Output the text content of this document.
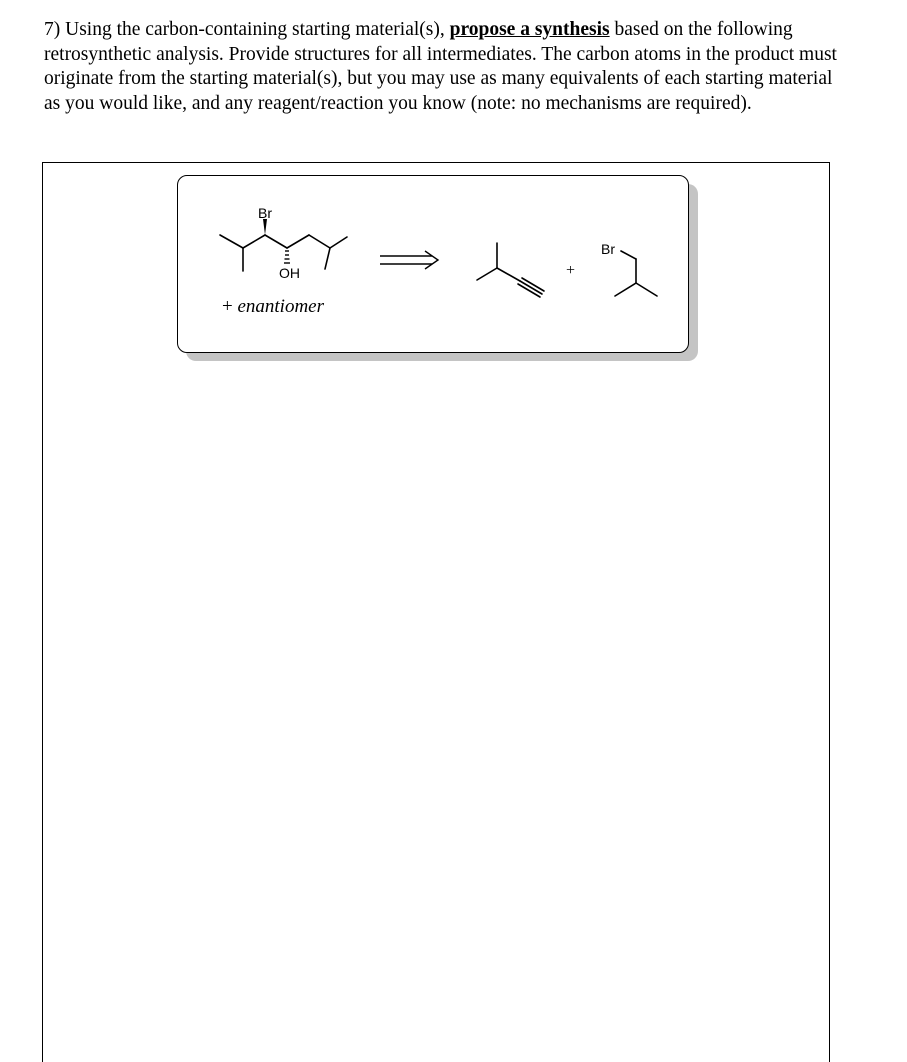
7) Using the carbon-containing starting material(s), propose a synthesis based on the following retrosynthetic analysis. Provide structures for all intermediates. The carbon atoms in the product must originate from the starting material(s), but you may use as many equivalents of each starting material as you would like, and any reagent/reaction you know (note: no mechanisms are required).
Br
OH	+
Br
+ enantiomer
